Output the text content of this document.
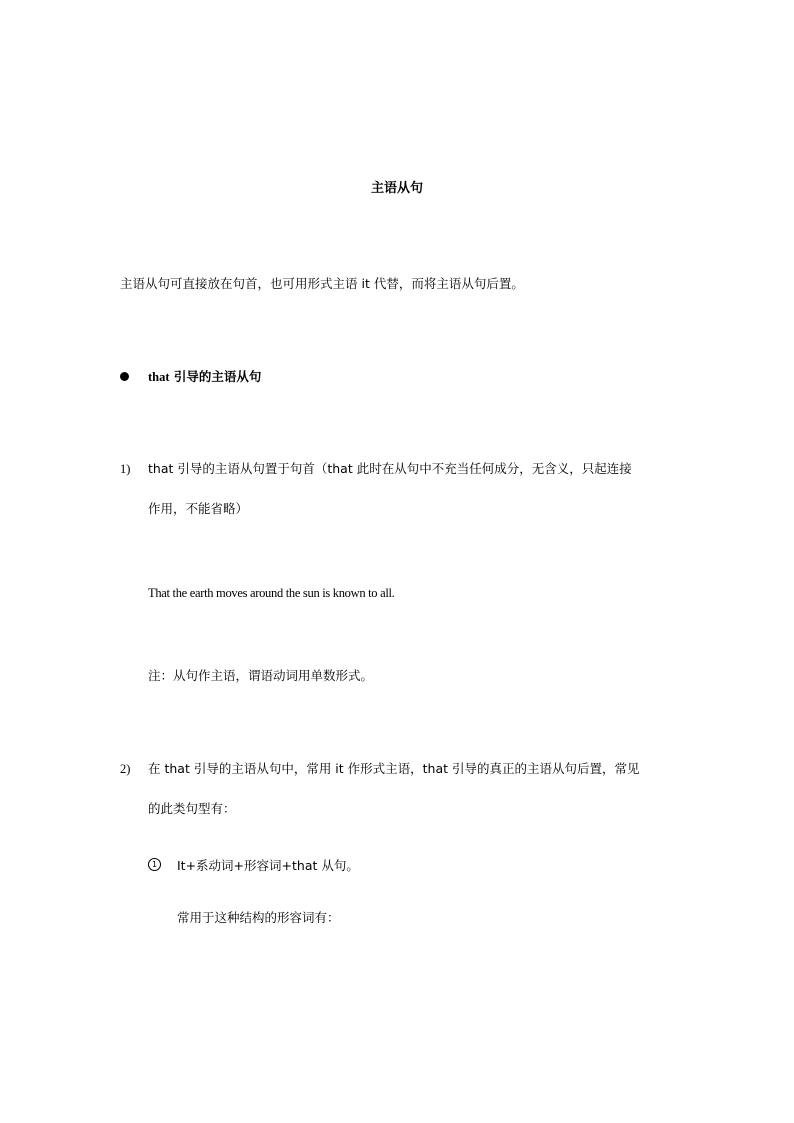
主语从句
主语从句可直接放在句首，也可用形式主语 it 代替，而将主语从句后置。
that 引导的主语从句
1) that 引导的主语从句置于句首（that 此时在从句中不充当任何成分，无含义，只起连接
作用，不能省略）
That the earth moves around the sun is known to all.
注：从句作主语，谓语动词用单数形式。
2) 在 that 引导的主语从句中，常用 it 作形式主语，that 引导的真正的主语从句后置，常见
的此类句型有：
1	It+系动词+形容词+that 从句。
常用于这种结构的形容词有：
